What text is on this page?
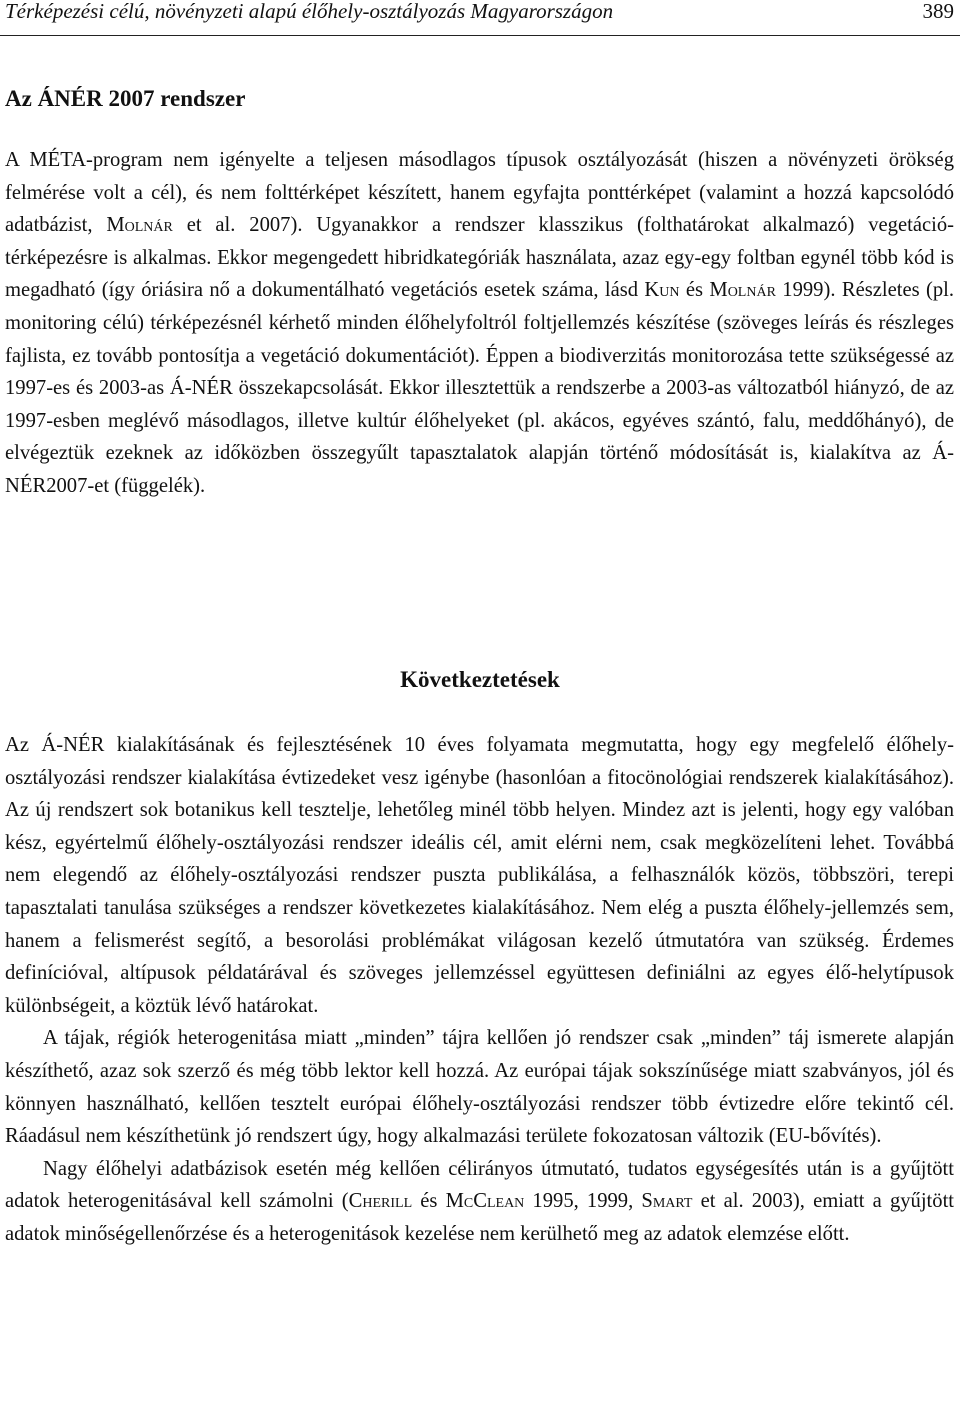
Térképezési célú, növényzeti alapú élőhely-osztályozás Magyarországon	389
Az ÁNÉR 2007 rendszer

A MÉTA-program nem igényelte a teljesen másodlagos típusok osztályozását (hiszen a növényzeti örökség felmérése volt a cél), és nem folttérképet készített, hanem egyfajta ponttérképet (valamint a hozzá kapcsolódó adatbázist, Molnár et al. 2007). Ugyanakkor a rendszer klasszikus (folthatárokat alkalmazó) vegetáció-térképezésre is alkalmas. Ekkor megengedett hibridkategóriák használata, azaz egy-egy foltban egynél több kód is megadható (így óriásira nő a dokumentálható vegetációs esetek száma, lásd Kun és Molnár 1999). Részletes (pl. monitoring célú) térképezésnél kérhető minden élőhelyfoltról foltjellemzés készítése (szöveges leírás és részleges fajlista, ez tovább pontosítja a vegetáció dokumentációt). Éppen a biodiverzitás monitorozása tette szükségessé az 1997-es és 2003-as Á-NÉR összekapcsolását. Ekkor illesztettük a rendszerbe a 2003-as változatból hiányzó, de az 1997-esben meglévő másodlagos, illetve kultúr élőhelyeket (pl. akácos, egyéves szántó, falu, meddőhányó), de elvégeztük ezeknek az időközben összegyűlt tapasztalatok alapján történő módosítását is, kialakítva az Á-NÉR2007-et (függelék).

Következtetések

Az Á-NÉR kialakításának és fejlesztésének 10 éves folyamata megmutatta, hogy egy megfelelő élőhely-osztályozási rendszer kialakítása évtizedeket vesz igénybe (hasonlóan a fitocönológiai rendszerek kialakításához). Az új rendszert sok botanikus kell tesztelje, lehetőleg minél több helyen. Mindez azt is jelenti, hogy egy valóban kész, egyértelmű élőhely-osztályozási rendszer ideális cél, amit elérni nem, csak megközelíteni lehet. Továbbá nem elegendő az élőhely-osztályozási rendszer puszta publikálása, a felhasználók közös, többszöri, terepi tapasztalati tanulása szükséges a rendszer következetes kialakításához. Nem elég a puszta élőhely-jellemzés sem, hanem a felismerést segítő, a besorolási problémákat világosan kezelő útmutatóra van szükség. Érdemes definícióval, altípusok példatárával és szöveges jellemzéssel együttesen definiálni az egyes élő-helytípusok különbségeit, a köztük lévő határokat.

A tájak, régiók heterogenitása miatt „minden” tájra kellően jó rendszer csak „minden” táj ismerete alapján készíthető, azaz sok szerző és még több lektor kell hozzá. Az európai tájak sokszínűsége miatt szabványos, jól és könnyen használható, kellően tesztelt európai élőhely-osztályozási rendszer több évtizedre előre tekintő cél. Ráadásul nem készíthetünk jó rendszert úgy, hogy alkalmazási területe fokozatosan változik (EU-bővítés).

Nagy élőhelyi adatbázisok esetén még kellően célirányos útmutató, tudatos egységesítés után is a gyűjtött adatok heterogenitásával kell számolni (Cherill és McClean 1995, 1999, Smart et al. 2003), emiatt a gyűjtött adatok minőségellenőrzése és a heterogenitások kezelése nem kerülhető meg az adatok elemzése előtt.
